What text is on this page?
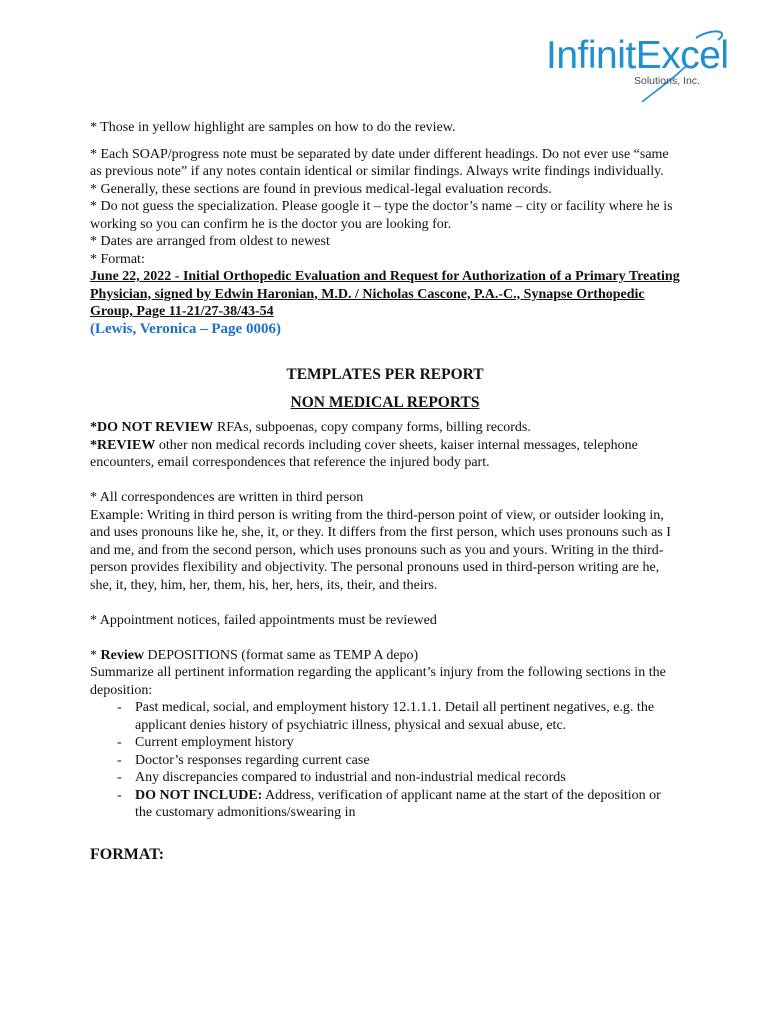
InfinitExcel
Solutions, Inc.

* Those in yellow highlight are samples on how to do the review.

* Each SOAP/progress note must be separated by date under different headings. Do not ever use “same as previous note” if any notes contain identical or similar findings. Always write findings individually.

* Generally, these sections are found in previous medical-legal evaluation records.

* Do not guess the specialization. Please google it – type the doctor’s name – city or facility where he is working so you can confirm he is the doctor you are looking for.

* Dates are arranged from oldest to newest

* Format:

June 22, 2022 - Initial Orthopedic Evaluation and Request for Authorization of a Primary Treating Physician, signed by Edwin Haronian, M.D. / Nicholas Cascone, P.A.-C., Synapse Orthopedic Group, Page 11-21/27-38/43-54

(Lewis, Veronica – Page 0006)

TEMPLATES PER REPORT

NON MEDICAL REPORTS

*DO NOT REVIEW RFAs, subpoenas, copy company forms, billing records.

*REVIEW other non medical records including cover sheets, kaiser internal messages, telephone encounters, email correspondences that reference the injured body part.

* All correspondences are written in third person

Example: Writing in third person is writing from the third-person point of view, or outsider looking in, and uses pronouns like he, she, it, or they. It differs from the first person, which uses pronouns such as I and me, and from the second person, which uses pronouns such as you and yours. Writing in the third-person provides flexibility and objectivity. The personal pronouns used in third-person writing are he, she, it, they, him, her, them, his, her, hers, its, their, and theirs.

* Appointment notices, failed appointments must be reviewed

* Review DEPOSITIONS (format same as TEMP A depo)

Summarize all pertinent information regarding the applicant’s injury from the following sections in the deposition:

- Past medical, social, and employment history 12.1.1.1. Detail all pertinent negatives, e.g. the applicant denies history of psychiatric illness, physical and sexual abuse, etc.
- Current employment history
- Doctor’s responses regarding current case
- Any discrepancies compared to industrial and non-industrial medical records
- DO NOT INCLUDE: Address, verification of applicant name at the start of the deposition or the customary admonitions/swearing in

FORMAT:
